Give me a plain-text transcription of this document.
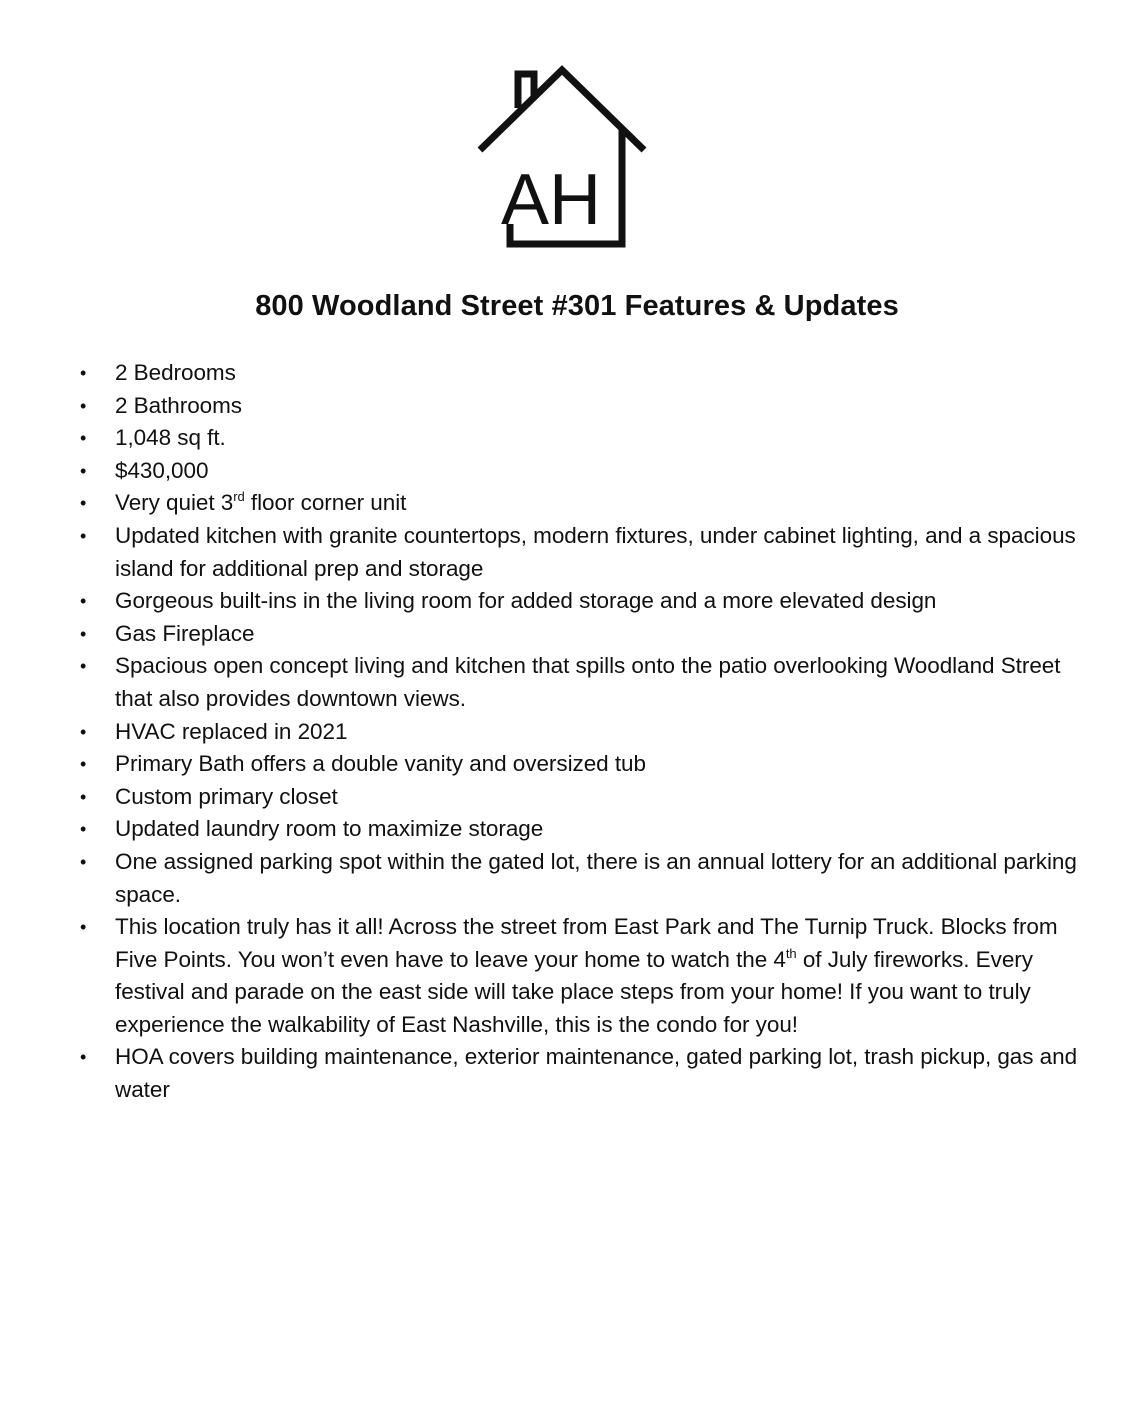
AH
800 Woodland Street #301 Features & Updates
• 2 Bedrooms
• 2 Bathrooms
• 1,048 sq ft.
• $430,000
• Very quiet 3rd floor corner unit
• Updated kitchen with granite countertops, modern fixtures, under cabinet lighting, and a spacious island for additional prep and storage
• Gorgeous built-ins in the living room for added storage and a more elevated design
• Gas Fireplace
• Spacious open concept living and kitchen that spills onto the patio overlooking Woodland Street that also provides downtown views.
• HVAC replaced in 2021
• Primary Bath offers a double vanity and oversized tub
• Custom primary closet
• Updated laundry room to maximize storage
• One assigned parking spot within the gated lot, there is an annual lottery for an additional parking space.
• This location truly has it all! Across the street from East Park and The Turnip Truck. Blocks from Five Points. You won’t even have to leave your home to watch the 4th of July fireworks. Every festival and parade on the east side will take place steps from your home! If you want to truly experience the walkability of East Nashville, this is the condo for you!
• HOA covers building maintenance, exterior maintenance, gated parking lot, trash pickup, gas and water
